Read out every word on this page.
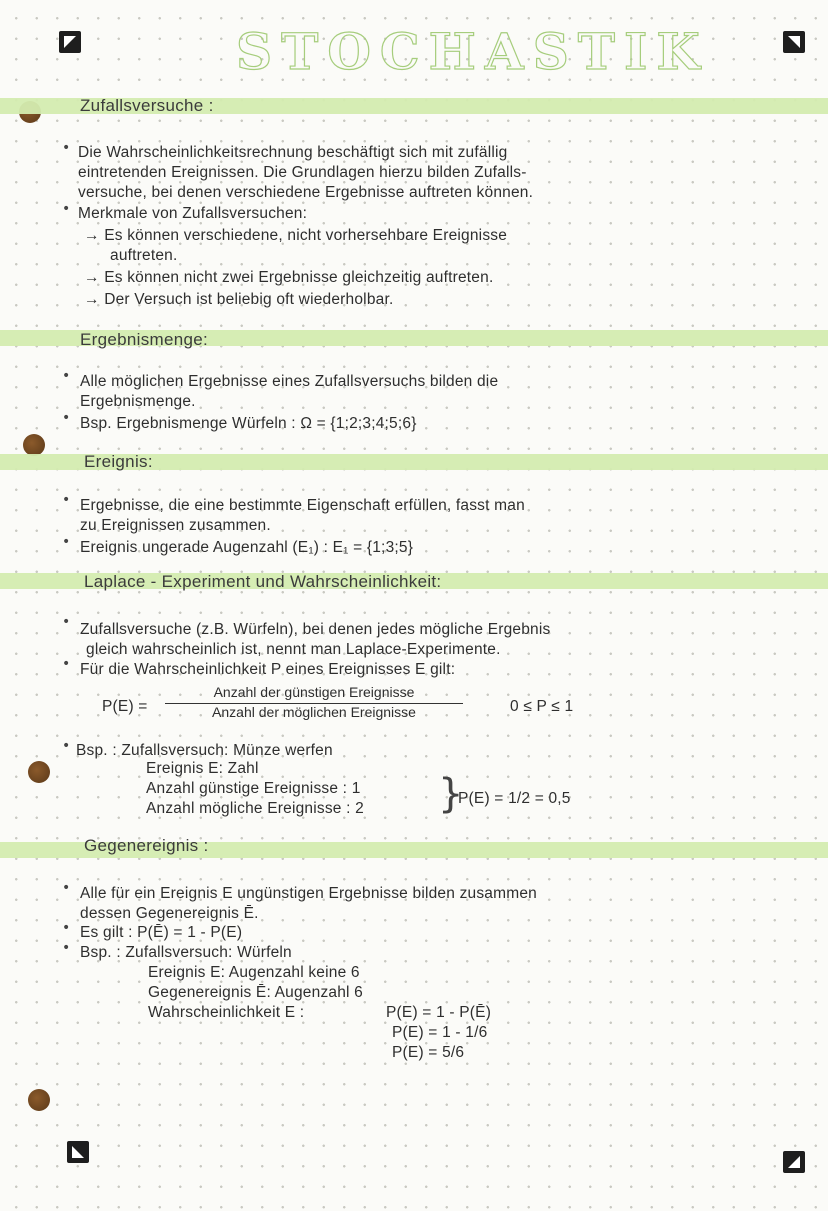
STOCHASTIK
Zufallsversuche :
• Die Wahrscheinlichkeitsrechnung beschäftigt sich mit zufällig
eintretenden Ereignissen. Die Grundlagen hierzu bilden Zufalls-
versuche, bei denen verschiedene Ergebnisse auftreten können.
• Merkmale von Zufallsversuchen:
→ Es können verschiedene, nicht vorhersehbare Ereignisse
auftreten.
→ Es können nicht zwei Ergebnisse gleichzeitig auftreten.
→ Der Versuch ist beliebig oft wiederholbar.
Ergebnismenge:
• Alle möglichen Ergebnisse eines Zufallsversuchs bilden die
Ergebnismenge.
• Bsp. Ergebnismenge Würfeln : Ω = {1;2;3;4;5;6}
Ereignis:
• Ergebnisse, die eine bestimmte Eigenschaft erfüllen, fasst man
zu Ereignissen zusammen.
• Ereignis ungerade Augenzahl (E₁) : E₁ = {1;3;5}
Laplace - Experiment und Wahrscheinlichkeit:
• Zufallsversuche (z.B. Würfeln), bei denen jedes mögliche Ergebnis
gleich wahrscheinlich ist, nennt man Laplace-Experimente.
• Für die Wahrscheinlichkeit P eines Ereignisses E gilt:
P(E) =
Anzahl der günstigen Ereignisse
Anzahl der möglichen Ereignisse	0 ≤ P ≤ 1
• Bsp. : Zufallsversuch: Münze werfen
Ereignis E: Zahl
Anzahl günstige Ereignisse : 1
Anzahl mögliche Ereignisse : 2 }
P(E) = 1/2 = 0,5
Gegenereignis :
• Alle für ein Ereignis E ungünstigen Ergebnisse bilden zusammen
dessen Gegenereignis Ē.
• Es gilt : P(Ē) = 1 - P(E)
• Bsp. : Zufallsversuch: Würfeln
Ereignis E: Augenzahl keine 6
Gegenereignis Ē: Augenzahl 6
Wahrscheinlichkeit E :	P(E) = 1 - P(Ē)
P(E) = 1 - 1/6
P(E) = 5/6
